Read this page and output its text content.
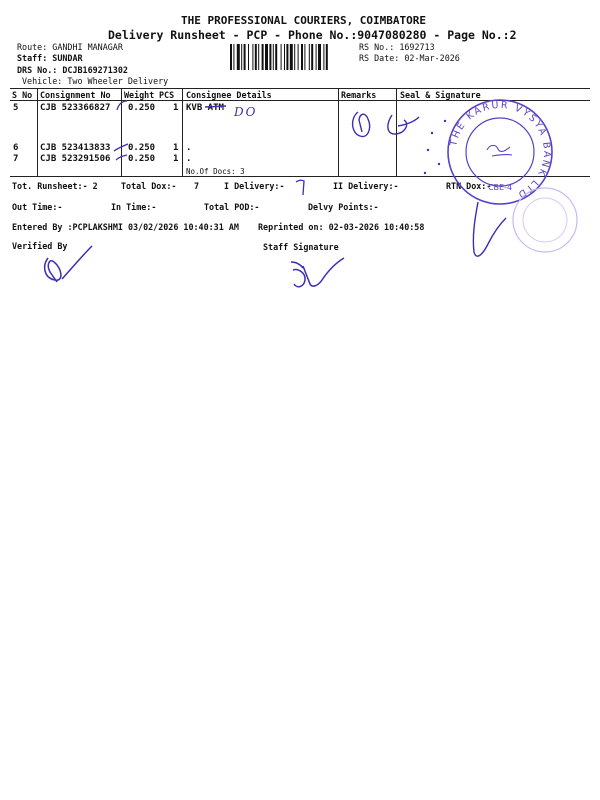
THE PROFESSIONAL COURIERS, COIMBATORE
Delivery Runsheet - PCP - Phone No.:9047080280 - Page No.:2
Route: GANDHI MANAGAR
Staff: SUNDAR
DRS No.: DCJB169271302
Vehicle: Two Wheeler Delivery
RS No.: 1692713
RS Date: 02-Mar-2026
S No Consignment No Weight PCS Consignee Details	Remarks	Seal & Signature
5 CJB 523366827 0.250 1 KVB ATM
6 CJB 523413833 0.250 1 .
7 CJB 523291506 0.250 1 .
No.Of Docs: 3
Tot. Runsheet:- 2	Total Dox:- 7	I Delivery:-	II Delivery:-	RTN Dox:-
Out Time:-	In Time:-	Total POD:-	Delvy Points:-
Entered By :PCPLAKSHMI 03/02/2026 10:40:31 AM Reprinted on: 02-03-2026 10:40:58
Verified By	Staff Signature
DO
THE KARUR VYSYA BANK LTD
CBE-4
